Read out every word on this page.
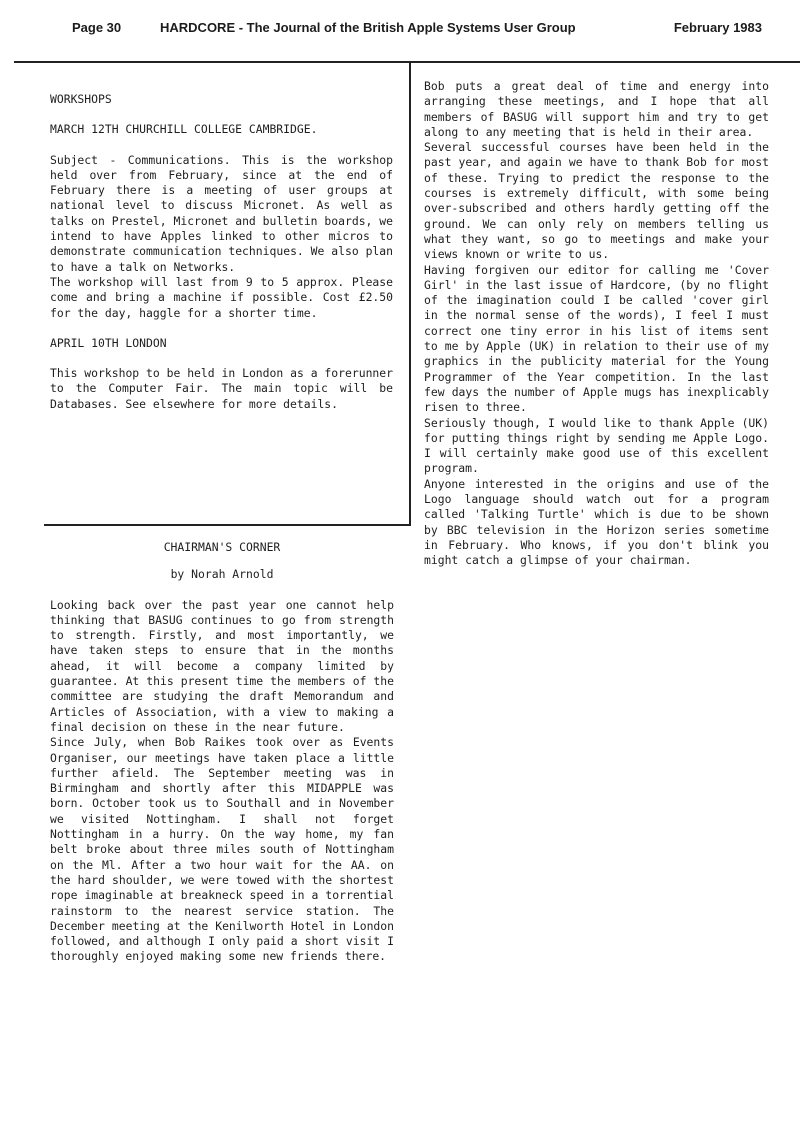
Page 30	HARDCORE - The Journal of the British Apple Systems User Group	February 1983

WORKSHOPS

MARCH 12TH CHURCHILL COLLEGE CAMBRIDGE.

Subject - Communications. This is the workshop held over from February, since at the end of February there is a meeting of user groups at national level to discuss Micronet. As well as talks on Prestel, Micronet and bulletin boards, we intend to have Apples linked to other micros to demonstrate communication techniques. We also plan to have a talk on Networks.

The workshop will last from 9 to 5 approx. Please come and bring a machine if possible. Cost £2.50 for the day, haggle for a shorter time.

APRIL 10TH LONDON

This workshop to be held in London as a forerunner to the Computer Fair. The main topic will be Databases. See elsewhere for more details.

CHAIRMAN'S CORNER

by Norah Arnold

Looking back over the past year one cannot help thinking that BASUG continues to go from strength to strength. Firstly, and most importantly, we have taken steps to ensure that in the months ahead, it will become a company limited by guarantee. At this present time the members of the committee are studying the draft Memorandum and Articles of Association, with a view to making a final decision on these in the near future.

Since July, when Bob Raikes took over as Events Organiser, our meetings have taken place a little further afield. The September meeting was in Birmingham and shortly after this MIDAPPLE was born. October took us to Southall and in November we visited Nottingham. I shall not forget Nottingham in a hurry. On the way home, my fan belt broke about three miles south of Nottingham on the Ml. After a two hour wait for the AA. on the hard shoulder, we were towed with the shortest rope imaginable at breakneck speed in a torrential rainstorm to the nearest service station. The December meeting at the Kenilworth Hotel in London followed, and although I only paid a short visit I thoroughly enjoyed making some new friends there.

Bob puts a great deal of time and energy into arranging these meetings, and I hope that all members of BASUG will support him and try to get along to any meeting that is held in their area.

Several successful courses have been held in the past year, and again we have to thank Bob for most of these. Trying to predict the response to the courses is extremely difficult, with some being over-subscribed and others hardly getting off the ground. We can only rely on members telling us what they want, so go to meetings and make your views known or write to us.

Having forgiven our editor for calling me 'Cover Girl' in the last issue of Hardcore, (by no flight of the imagination could I be called 'cover girl in the normal sense of the words), I feel I must correct one tiny error in his list of items sent to me by Apple (UK) in relation to their use of my graphics in the publicity material for the Young Programmer of the Year competition. In the last few days the number of Apple mugs has inexplicably risen to three.

Seriously though, I would like to thank Apple (UK) for putting things right by sending me Apple Logo. I will certainly make good use of this excellent program.

Anyone interested in the origins and use of the Logo language should watch out for a program called 'Talking Turtle' which is due to be shown by BBC television in the Horizon series sometime in February. Who knows, if you don't blink you might catch a glimpse of your chairman.
